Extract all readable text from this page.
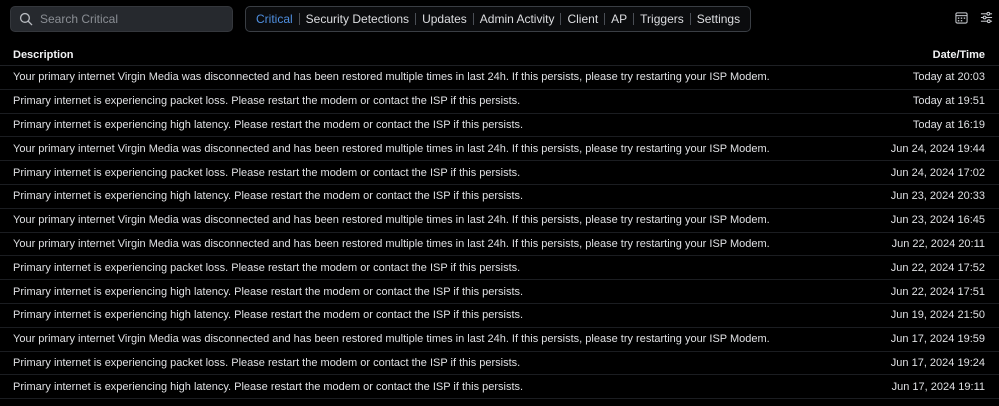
Search Critical
Critical	Security Detections	Updates	Admin Activity	Client	AP	Triggers	Settings
Description	Date/Time
Your primary internet Virgin Media was disconnected and has been restored multiple times in last 24h. If this persists, please try restarting your ISP Modem.	Today at 20:03
Primary internet is experiencing packet loss. Please restart the modem or contact the ISP if this persists.	Today at 19:51
Primary internet is experiencing high latency. Please restart the modem or contact the ISP if this persists.	Today at 16:19
Your primary internet Virgin Media was disconnected and has been restored multiple times in last 24h. If this persists, please try restarting your ISP Modem.	Jun 24, 2024 19:44
Primary internet is experiencing packet loss. Please restart the modem or contact the ISP if this persists.	Jun 24, 2024 17:02
Primary internet is experiencing high latency. Please restart the modem or contact the ISP if this persists.	Jun 23, 2024 20:33
Your primary internet Virgin Media was disconnected and has been restored multiple times in last 24h. If this persists, please try restarting your ISP Modem.	Jun 23, 2024 16:45
Your primary internet Virgin Media was disconnected and has been restored multiple times in last 24h. If this persists, please try restarting your ISP Modem.	Jun 22, 2024 20:11
Primary internet is experiencing packet loss. Please restart the modem or contact the ISP if this persists.	Jun 22, 2024 17:52
Primary internet is experiencing high latency. Please restart the modem or contact the ISP if this persists.	Jun 22, 2024 17:51
Primary internet is experiencing high latency. Please restart the modem or contact the ISP if this persists.	Jun 19, 2024 21:50
Your primary internet Virgin Media was disconnected and has been restored multiple times in last 24h. If this persists, please try restarting your ISP Modem.	Jun 17, 2024 19:59
Primary internet is experiencing packet loss. Please restart the modem or contact the ISP if this persists.	Jun 17, 2024 19:24
Primary internet is experiencing high latency. Please restart the modem or contact the ISP if this persists.	Jun 17, 2024 19:11
